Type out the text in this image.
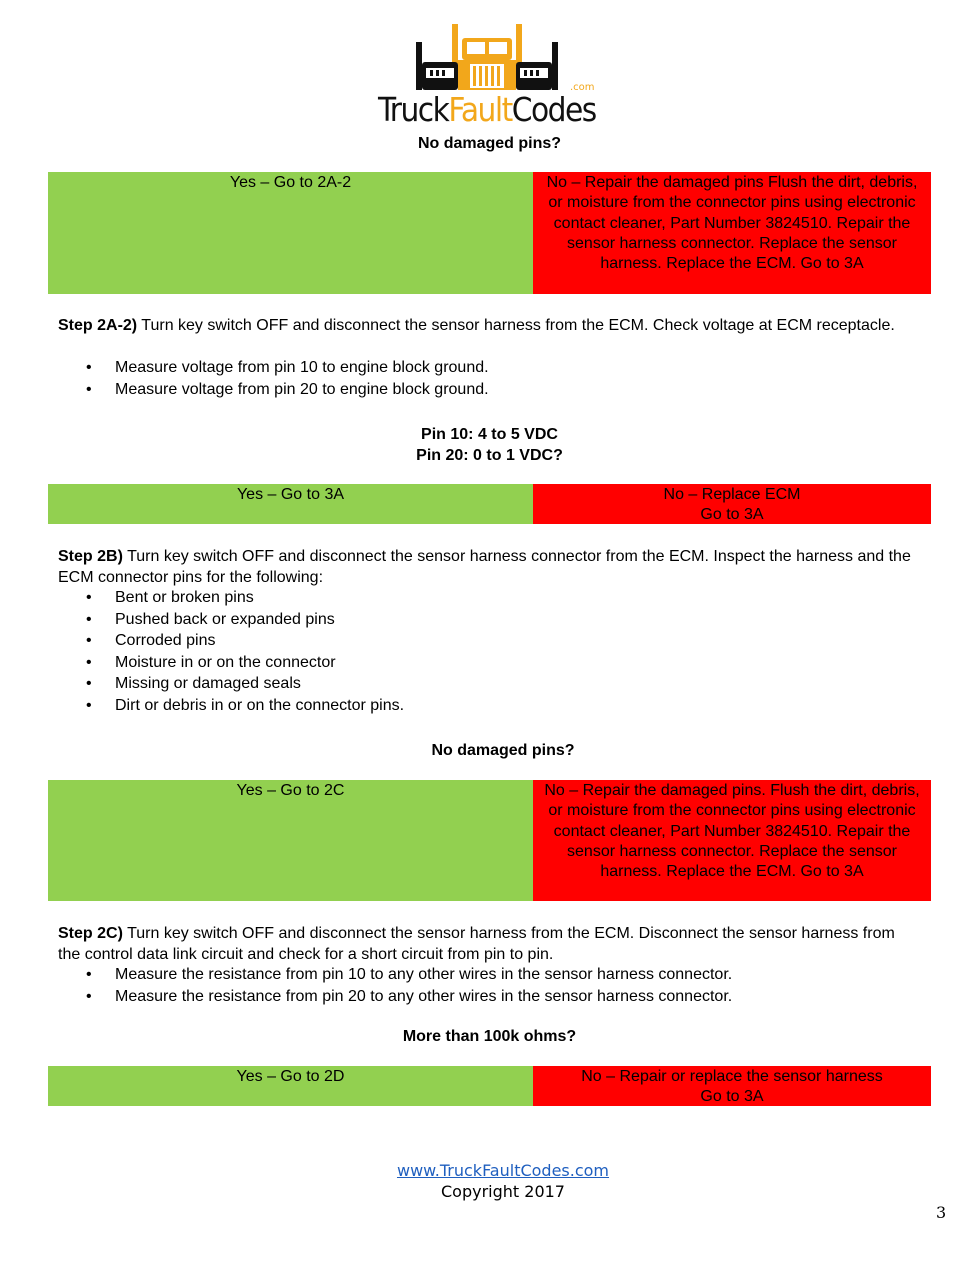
TruckFaultCodes
.com
No damaged pins?
Yes – Go to 2A-2	No – Repair the damaged pins Flush the dirt, debris, or moisture from the connector pins using electronic contact cleaner, Part Number 3824510. Repair the sensor harness connector. Replace the sensor harness. Replace the ECM. Go to 3A
Step 2A-2) Turn key switch OFF and disconnect the sensor harness from the ECM. Check voltage at ECM receptacle.
• Measure voltage from pin 10 to engine block ground.
• Measure voltage from pin 20 to engine block ground.
Pin 10: 4 to 5 VDC
Pin 20: 0 to 1 VDC?
Yes – Go to 3A	No – Replace ECM
Go to 3A
Step 2B) Turn key switch OFF and disconnect the sensor harness connector from the ECM. Inspect the harness and the ECM connector pins for the following:
• Bent or broken pins
• Pushed back or expanded pins
• Corroded pins
• Moisture in or on the connector
• Missing or damaged seals
• Dirt or debris in or on the connector pins.
No damaged pins?
Yes – Go to 2C	No – Repair the damaged pins. Flush the dirt, debris, or moisture from the connector pins using electronic contact cleaner, Part Number 3824510. Repair the sensor harness connector. Replace the sensor harness. Replace the ECM. Go to 3A
Step 2C) Turn key switch OFF and disconnect the sensor harness from the ECM. Disconnect the sensor harness from the control data link circuit and check for a short circuit from pin to pin.
• Measure the resistance from pin 10 to any other wires in the sensor harness connector.
• Measure the resistance from pin 20 to any other wires in the sensor harness connector.
More than 100k ohms?
Yes – Go to 2D	No – Repair or replace the sensor harness
Go to 3A
www.TruckFaultCodes.com
Copyright 2017
3
